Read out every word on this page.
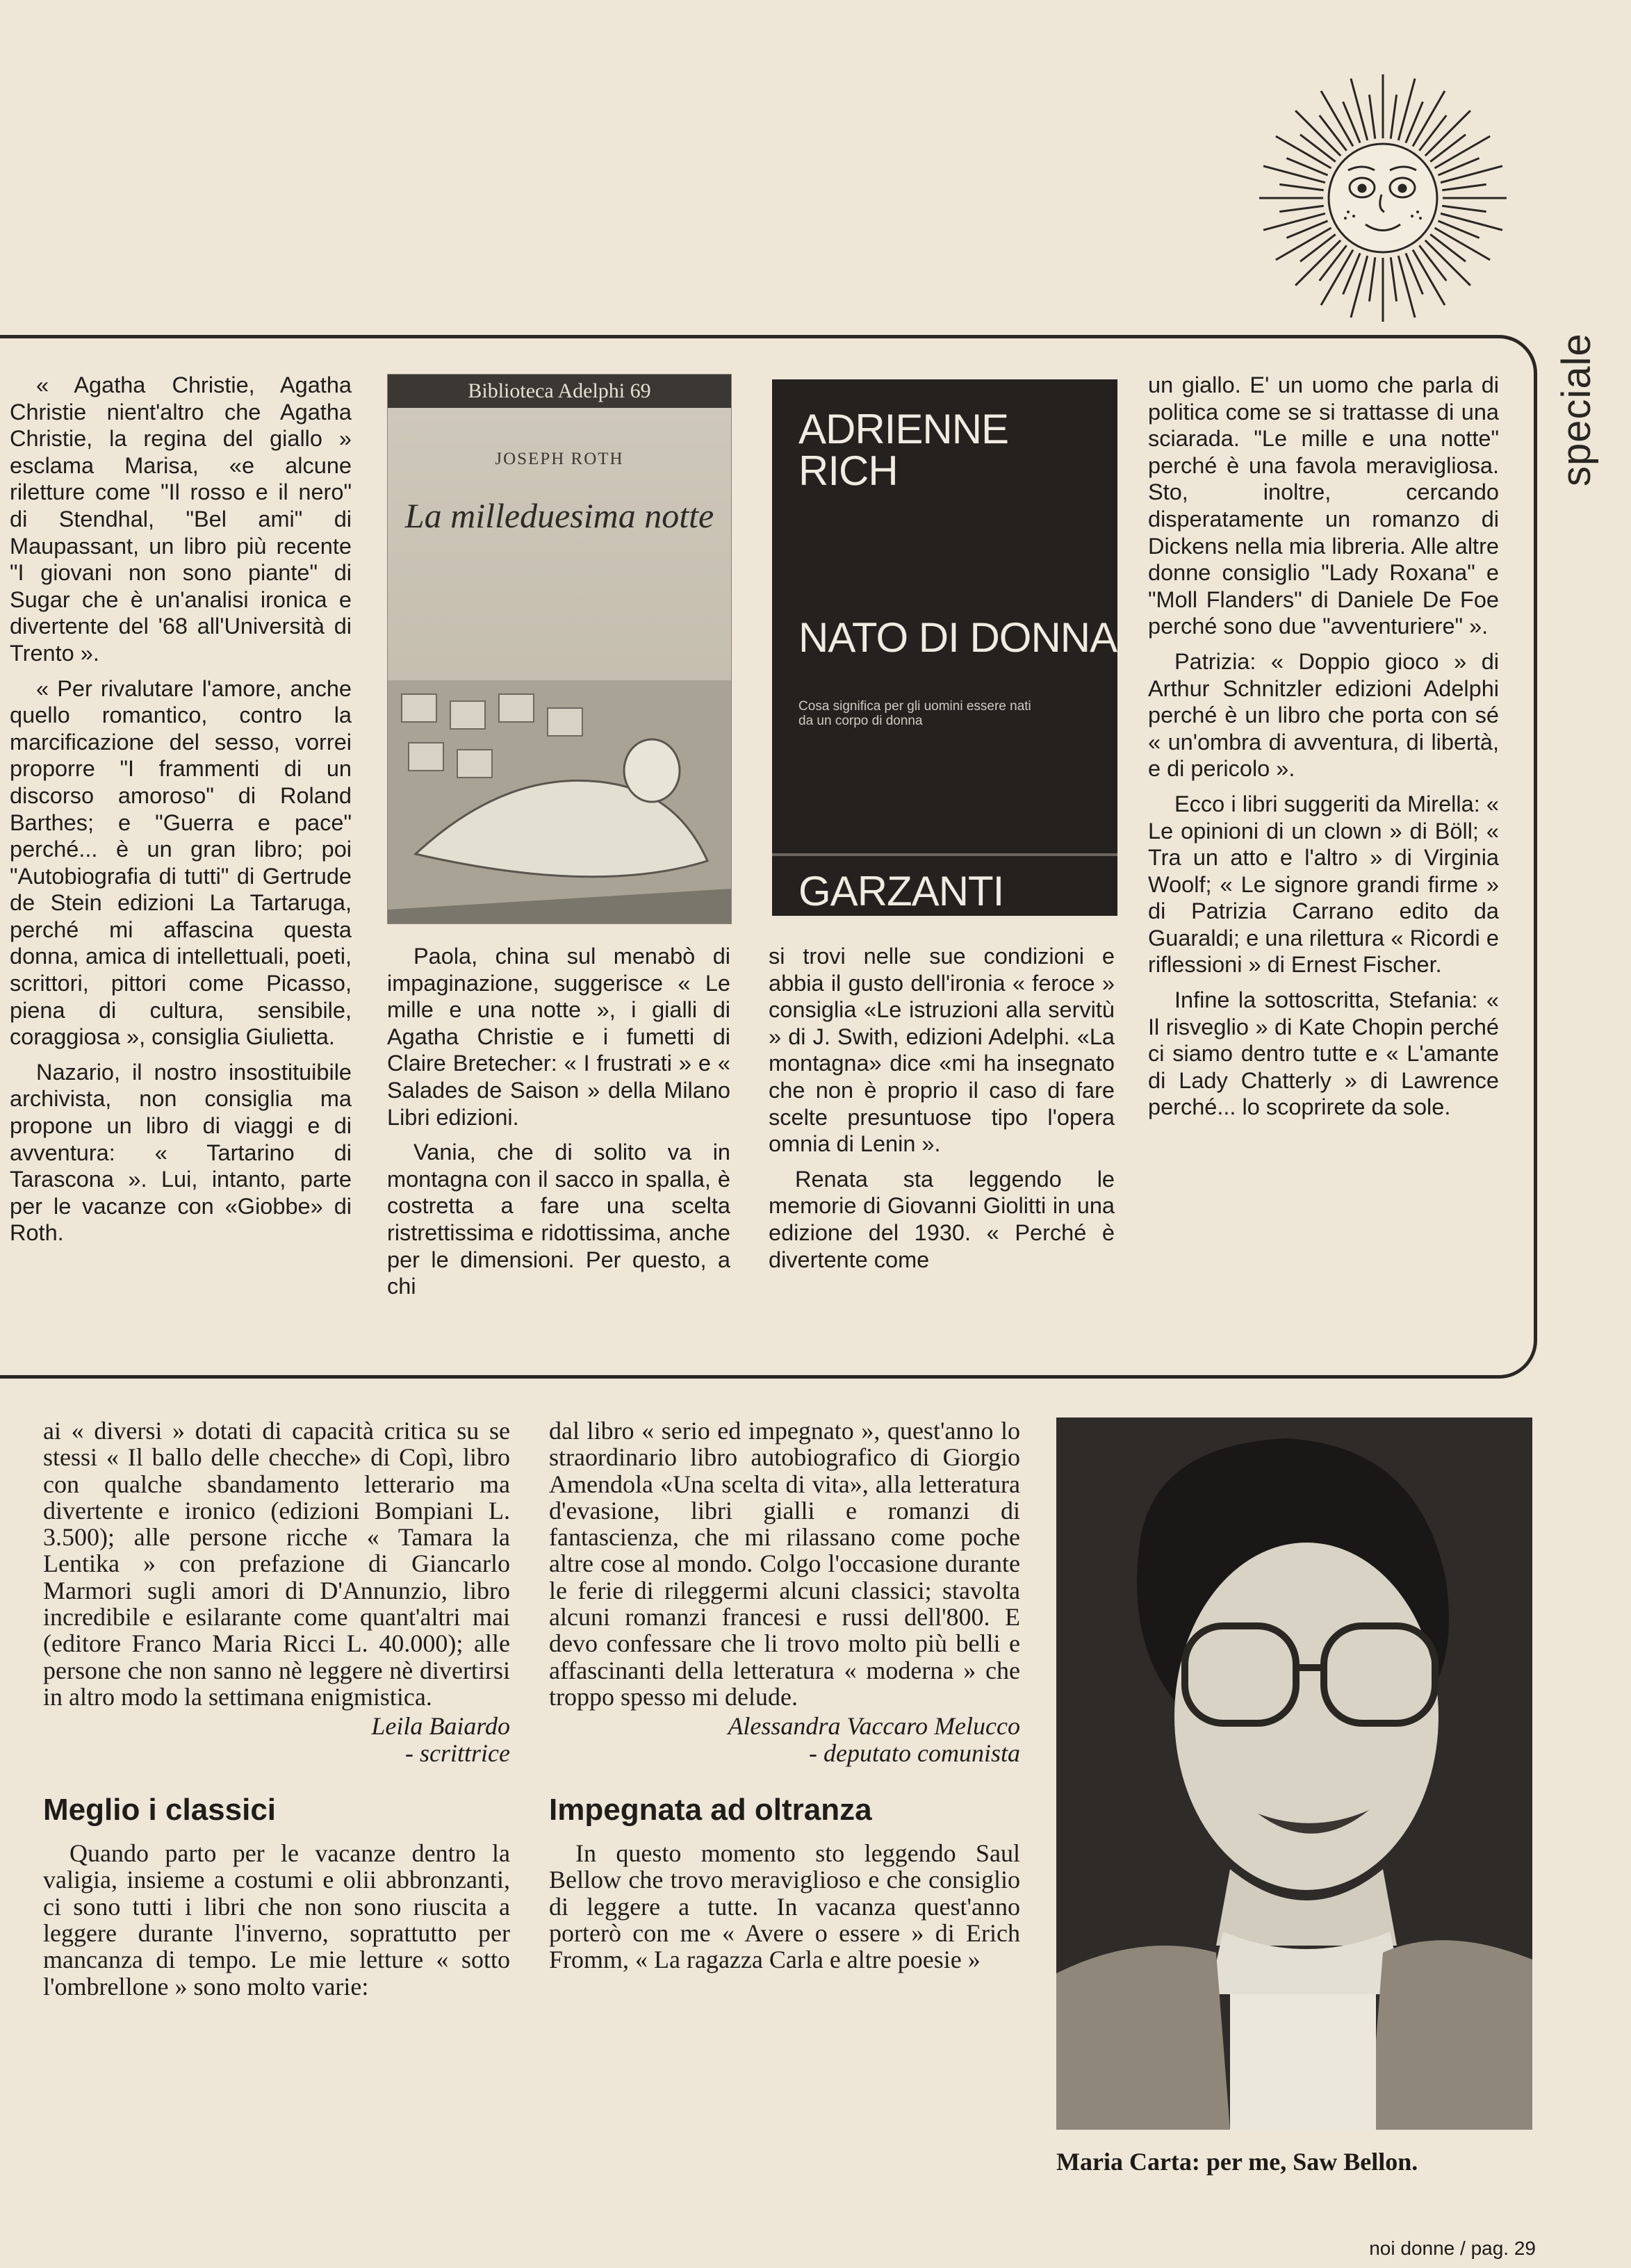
speciale

« Agatha Christie, Agatha Christie nient'altro che Agatha Christie, la regina del giallo » esclama Marisa, «e alcune riletture come "Il rosso e il nero" di Stendhal, "Bel ami" di Maupassant, un libro più recente "I giovani non sono piante" di Sugar che è un'analisi ironica e divertente del '68 all'Università di Trento ».

« Per rivalutare l'amore, anche quello romantico, contro la marcificazione del sesso, vorrei proporre "I frammenti di un discorso amoroso" di Roland Barthes; e "Guerra e pace" perché... è un gran libro; poi "Autobiografia di tutti" di Gertrude de Stein edizioni La Tartaruga, perché mi affascina questa donna, amica di intellettuali, poeti, scrittori, pittori come Picasso, piena di cultura, sensibile, coraggiosa », consiglia Giulietta.

Nazario, il nostro insostituibile archivista, non consiglia ma propone un libro di viaggi e di avventura: « Tartarino di Tarascona ». Lui, intanto, parte per le vacanze con «Giobbe» di Roth.

Biblioteca Adelphi 69
JOSEPH ROTH
La milleduesima notte

Paola, china sul menabò di impaginazione, suggerisce « Le mille e una notte », i gialli di Agatha Christie e i fumetti di Claire Bretecher: « I frustrati » e « Salades de Saison » della Milano Libri edizioni.

Vania, che di solito va in montagna con il sacco in spalla, è costretta a fare una scelta ristrettissima e ridottissima, anche per le dimensioni. Per questo, a chi

ADRIENNE RICH
NATO DI DONNA
Cosa significa per gli uomini essere nati da un corpo di donna
GARZANTI

si trovi nelle sue condizioni e abbia il gusto dell'ironia « feroce » consiglia «Le istruzioni alla servitù » di J. Swith, edizioni Adelphi. «La montagna» dice «mi ha insegnato che non è proprio il caso di fare scelte presuntuose tipo l'opera omnia di Lenin ».

Renata sta leggendo le memorie di Giovanni Giolitti in una edizione del 1930. « Perché è divertente come

un giallo. E' un uomo che parla di politica come se si trattasse di una sciarada. "Le mille e una notte" perché è una favola meravigliosa. Sto, inoltre, cercando disperatamente un romanzo di Dickens nella mia libreria. Alle altre donne consiglio "Lady Roxana" e "Moll Flanders" di Daniele De Foe perché sono due "avventuriere" ».

Patrizia: « Doppio gioco » di Arthur Schnitzler edizioni Adelphi perché è un libro che porta con sé « un'ombra di avventura, di libertà, e di pericolo ».

Ecco i libri suggeriti da Mirella: « Le opinioni di un clown » di Böll; « Tra un atto e l'altro » di Virginia Woolf; « Le signore grandi firme » di Patrizia Carrano edito da Guaraldi; e una rilettura « Ricordi e riflessioni » di Ernest Fischer.

Infine la sottoscritta, Stefania: « Il risveglio » di Kate Chopin perché ci siamo dentro tutte e « L'amante di Lady Chatterly » di Lawrence perché... lo scoprirete da sole.

ai « diversi » dotati di capacità critica su se stessi « Il ballo delle checche» di Copì, libro con qualche sbandamento letterario ma divertente e ironico (edizioni Bompiani L. 3.500); alle persone ricche « Tamara la Lentika » con prefazione di Giancarlo Marmori sugli amori di D'Annunzio, libro incredibile e esilarante come quant'altri mai (editore Franco Maria Ricci L. 40.000); alle persone che non sanno nè leggere nè divertirsi in altro modo la settimana enigmistica.

Leila Baiardo
- scrittrice
Meglio i classici

Quando parto per le vacanze dentro la valigia, insieme a costumi e olii abbronzanti, ci sono tutti i libri che non sono riuscita a leggere durante l'inverno, soprattutto per mancanza di tempo. Le mie letture « sotto l'ombrellone » sono molto varie:

dal libro « serio ed impegnato », quest'anno lo straordinario libro autobiografico di Giorgio Amendola «Una scelta di vita», alla letteratura d'evasione, libri gialli e romanzi di fantascienza, che mi rilassano come poche altre cose al mondo. Colgo l'occasione durante le ferie di rileggermi alcuni classici; stavolta alcuni romanzi francesi e russi dell'800. E devo confessare che li trovo molto più belli e affascinanti della letteratura « moderna » che troppo spesso mi delude.

Alessandra Vaccaro Melucco
- deputato comunista
Impegnata ad oltranza

In questo momento sto leggendo Saul Bellow che trovo meraviglioso e che consiglio di leggere a tutte. In vacanza quest'anno porterò con me « Avere o essere » di Erich Fromm, « La ragazza Carla e altre poesie »

Maria Carta: per me, Saw Bellon.
noi donne / pag. 29
